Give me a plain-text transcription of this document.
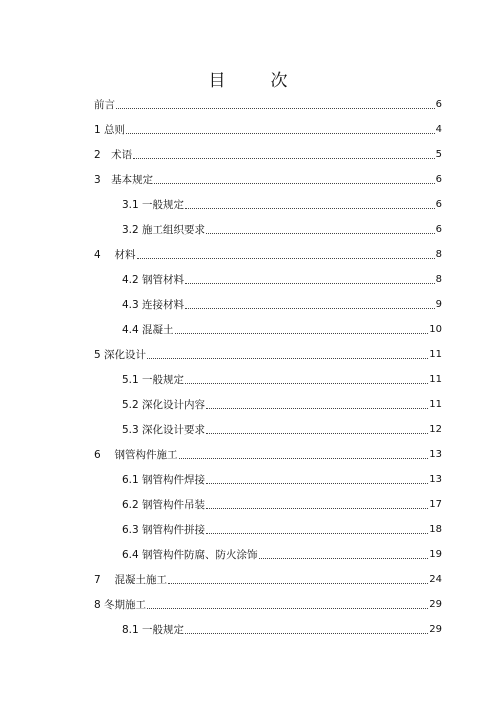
目　次
前言	6
1 总则	4
2　术语	5
3　基本规定	6
3.1 一般规定	6
3.2 施工组织要求	6
4　 材料	8
4.2 钢管材料	8
4.3 连接材料	9
4.4 混凝土	10
5 深化设计	11
5.1 一般规定	11
5.2 深化设计内容	11
5.3 深化设计要求	12
6　 钢管构件施工	13
6.1 钢管构件焊接	13
6.2 钢管构件吊装	17
6.3 钢管构件拼接	18
6.4 钢管构件防腐、防火涂饰	19
7　 混凝土施工	24
8 冬期施工	29
8.1 一般规定	29
